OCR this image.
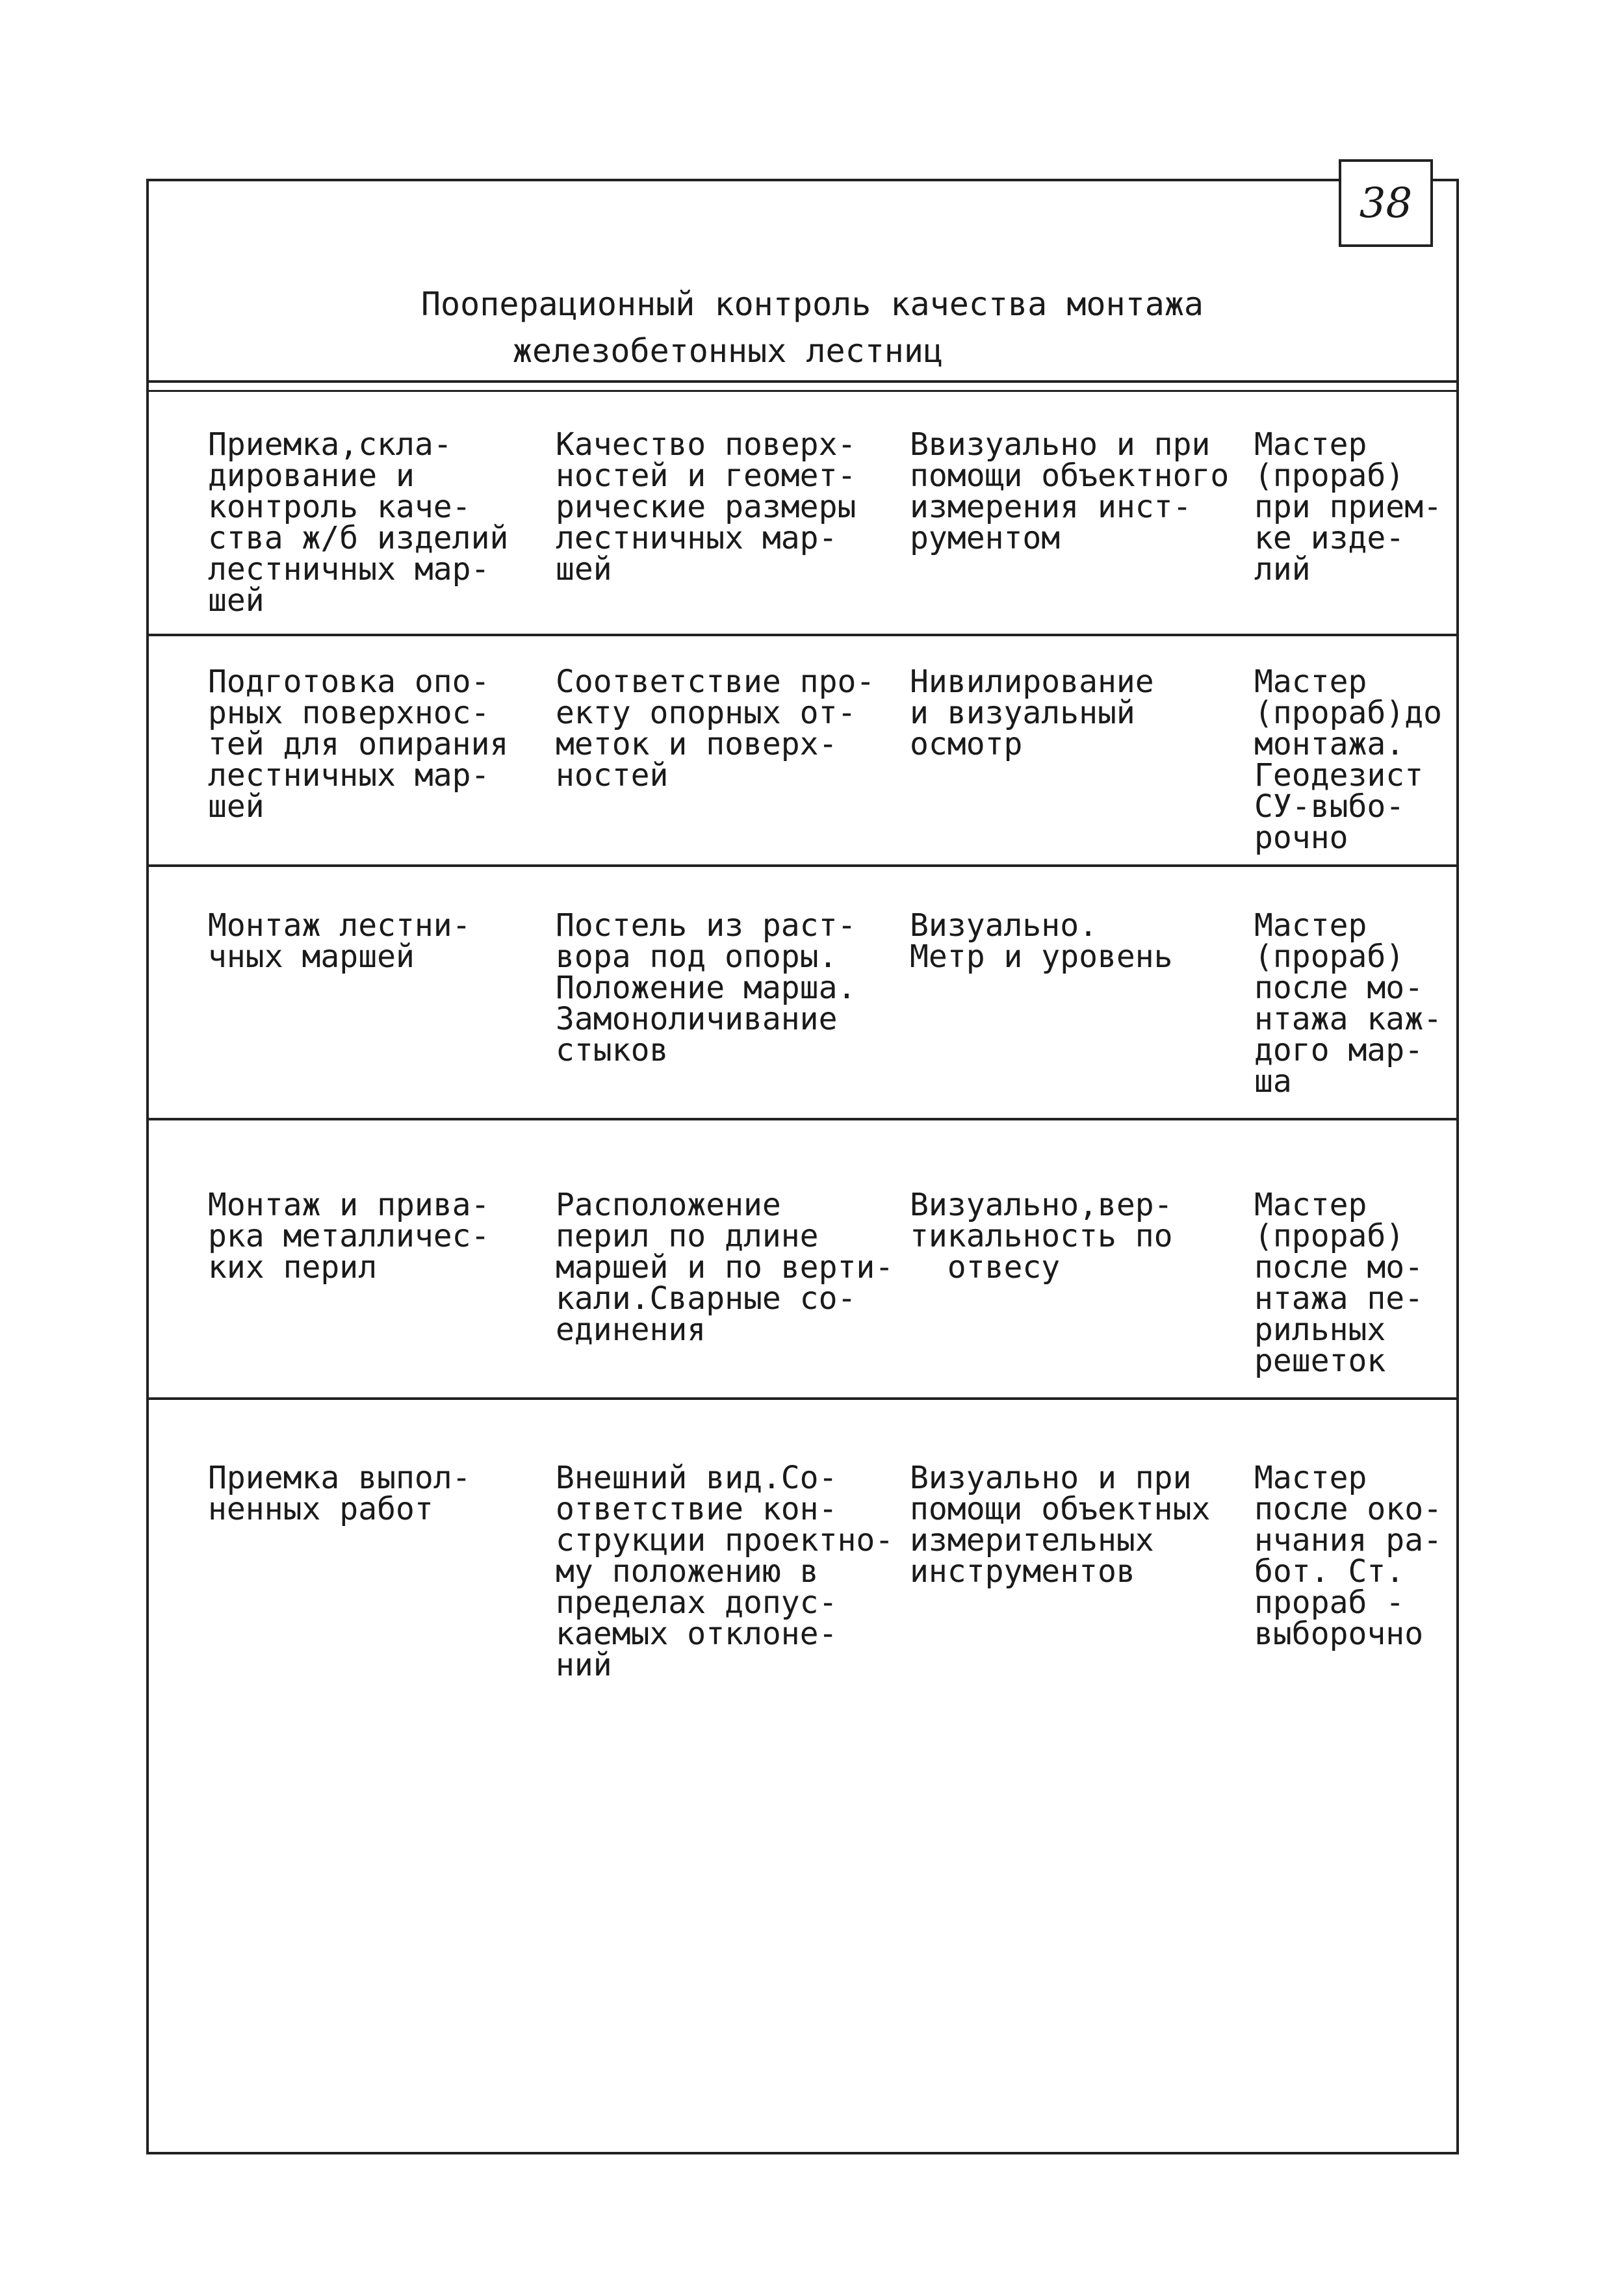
38

Пооперационный контроль качества монтажа

железобетонных лестниц

Приемка,скла-
дирование и
контроль каче-
ства ж/б изделий
лестничных мар-
шей
Качество поверх-
ностей и геомет-
рические размеры
лестничных мар-
шей
Ввизуально и при
помощи объектного
измерения инст-
рументом
Мастер
(прораб)
при прием-
ке изде-
лий
Подготовка опо-
рных поверхнос-
тей для опирания
лестничных мар-
шей
Соответствие про-
екту опорных от-
меток и поверх-
ностей
Нивилирование
и визуальный
осмотр
Мастер
(прораб)до
монтажа.
Геодезист
СУ-выбо-
рочно
Монтаж лестни-
чных маршей
Постель из раст-
вора под опоры.
Положение марша.
Замоноличивание
стыков
Визуально.
Метр и уровень
Мастер
(прораб)
после мо-
нтажа каж-
дого мар-
ша
Монтаж и прива-
рка металличес-
ких перил
Расположение
перил по длине
маршей и по верти-
кали.Сварные со-
единения
Визуально,вер-
тикальность по
отвесу
Мастер
(прораб)
после мо-
нтажа пе-
рильных
решеток
Приемка выпол-
ненных работ
Внешний вид.Со-
ответствие кон-
струкции проектно-
му положению в
пределах допус-
каемых отклоне-
ний
Визуально и при
помощи объектных
измерительных
инструментов
Мастер
после око-
нчания ра-
бот. Ст.
прораб -
выборочно
